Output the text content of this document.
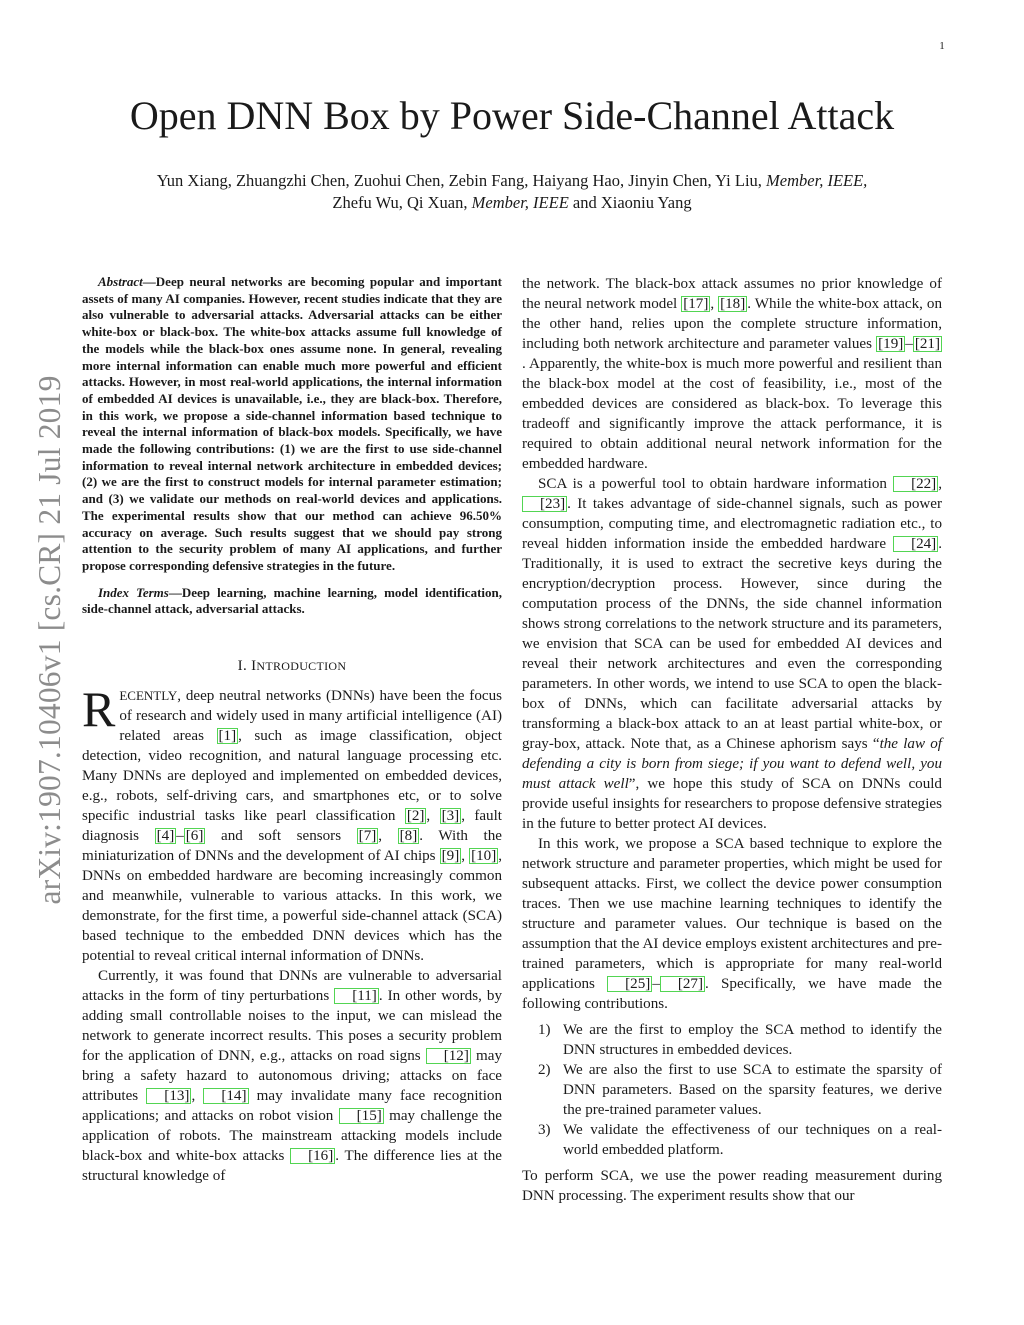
1
arXiv:1907.10406v1 [cs.CR] 21 Jul 2019
Open DNN Box by Power Side-Channel Attack
Yun Xiang, Zhuangzhi Chen, Zuohui Chen, Zebin Fang, Haiyang Hao, Jinyin Chen, Yi Liu, Member, IEEE,
Zhefu Wu, Qi Xuan, Member, IEEE and Xiaoniu Yang

Abstract—Deep neural networks are becoming popular and important assets of many AI companies. However, recent studies indicate that they are also vulnerable to adversarial attacks. Adversarial attacks can be either white-box or black-box. The white-box attacks assume full knowledge of the models while the black-box ones assume none. In general, revealing more internal information can enable much more powerful and efficient attacks. However, in most real-world applications, the internal information of embedded AI devices is unavailable, i.e., they are black-box. Therefore, in this work, we propose a side-channel information based technique to reveal the internal information of black-box models. Specifically, we have made the following contributions: (1) we are the first to use side-channel information to reveal internal network architecture in embedded devices; (2) we are the first to construct models for internal parameter estimation; and (3) we validate our methods on real-world devices and applications. The experimental results show that our method can achieve 96.50% accuracy on average. Such results suggest that we should pay strong attention to the security problem of many AI applications, and further propose corresponding defensive strategies in the future.

Index Terms—Deep learning, machine learning, model identification, side-channel attack, adversarial attacks.

I. INTRODUCTION

RECENTLY, deep neutral networks (DNNs) have been the focus of research and widely used in many artificial intelligence (AI) related areas [1] , such as image classification, object detection, video recognition, and natural language processing etc. Many DNNs are deployed and implemented on embedded devices, e.g., robots, self-driving cars, and smartphones etc, or to solve specific industrial tasks like pearl classification [2] , [3] , fault diagnosis [4] – [6] and soft sensors [7] , [8] . With the miniaturization of DNNs and the development of AI chips [9] , [10] , DNNs on embedded hardware are becoming increasingly common and meanwhile, vulnerable to various attacks. In this work, we demonstrate, for the first time, a powerful side-channel attack (SCA) based technique to the embedded DNN devices which has the potential to reveal critical internal information of DNNs.

Currently, it was found that DNNs are vulnerable to adversarial attacks in the form of tiny perturbations [11] . In other words, by adding small controllable noises to the input, we can mislead the network to generate incorrect results. This poses a security problem for the application of DNN, e.g., attacks on road signs [12] may bring a safety hazard to autonomous driving; attacks on face attributes [13] , [14] may invalidate many face recognition applications; and attacks on robot vision [15] may challenge the application of robots. The mainstream attacking models include black-box and white-box attacks [16] . The difference lies at the structural knowledge of

the network. The black-box attack assumes no prior knowledge of the neural network model [17] , [18] . While the white-box attack, on the other hand, relies upon the complete structure information, including both network architecture and parameter values [19] – [21]. Apparently, the white-box is much more powerful and resilient than the black-box model at the cost of feasibility, i.e., most of the embedded devices are considered as black-box. To leverage this tradeoff and significantly improve the attack performance, it is required to obtain additional neural network information for the embedded hardware.

SCA is a powerful tool to obtain hardware information [22] , [23] . It takes advantage of side-channel signals, such as power consumption, computing time, and electromagnetic radiation etc., to reveal hidden information inside the embedded hardware [24] . Traditionally, it is used to extract the secretive keys during the encryption/decryption process. However, since during the computation process of the DNNs, the side channel information shows strong correlations to the network structure and its parameters, we envision that SCA can be used for embedded AI devices and reveal their network architectures and even the corresponding parameters. In other words, we intend to use SCA to open the black-box of DNNs, which can facilitate adversarial attacks by transforming a black-box attack to an at least partial white-box, or gray-box, attack. Note that, as a Chinese aphorism says “the law of defending a city is born from siege; if you want to defend well, you must attack well”, we hope this study of SCA on DNNs could provide useful insights for researchers to propose defensive strategies in the future to better protect AI devices.

In this work, we propose a SCA based technique to explore the network structure and parameter properties, which might be used for subsequent attacks. First, we collect the device power consumption traces. Then we use machine learning techniques to identify the structure and parameter values. Our technique is based on the assumption that the AI device employs existent architectures and pre-trained parameters, which is appropriate for many real-world applications [25] – [27] . Specifically, we have made the following contributions.

1) We are the first to employ the SCA method to identify the DNN structures in embedded devices.
2) We are also the first to use SCA to estimate the sparsity of DNN parameters. Based on the sparsity features, we derive the pre-trained parameter values.
3) We validate the effectiveness of our techniques on a real-world embedded platform.

To perform SCA, we use the power reading measurement during DNN processing. The experiment results show that our
